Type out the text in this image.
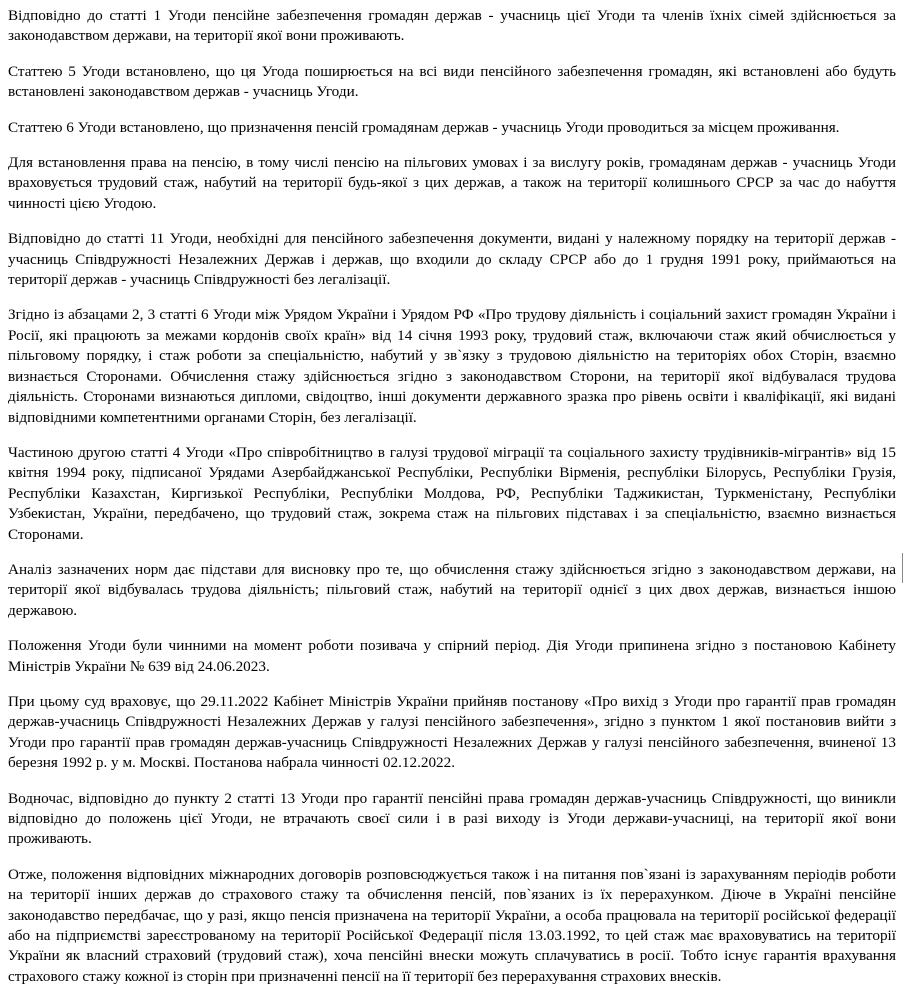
Відповідно до статті 1 Угоди пенсійне забезпечення громадян держав - учасниць цієї Угоди та членів їхніх сімей здійснюється за законодавством держави, на території якої вони проживають.

Статтею 5 Угоди встановлено, що ця Угода поширюється на всі види пенсійного забезпечення громадян, які встановлені або будуть встановлені законодавством держав - учасниць Угоди.

Статтею 6 Угоди встановлено, що призначення пенсій громадянам держав - учасниць Угоди проводиться за місцем проживання.

Для встановлення права на пенсію, в тому числі пенсію на пільгових умовах і за вислугу років, громадянам держав - учасниць Угоди враховується трудовий стаж, набутий на території будь-якої з цих держав, а також на території колишнього СРСР за час до набуття чинності цією Угодою.

Відповідно до статті 11 Угоди, необхідні для пенсійного забезпечення документи, видані у належному порядку на території держав - учасниць Співдружності Незалежних Держав і держав, що входили до складу СРСР або до 1 грудня 1991 року, приймаються на території держав - учасниць Співдружності без легалізації.

Згідно із абзацами 2, 3 статті 6 Угоди між Урядом України і Урядом РФ «Про трудову діяльність і соціальний захист громадян України і Росії, які працюють за межами кордонів своїх країн» від 14 січня 1993 року, трудовий стаж, включаючи стаж який обчислюється у пільговому порядку, і стаж роботи за спеціальністю, набутий у зв`язку з трудовою діяльністю на територіях обох Сторін, взаємно визнається Сторонами. Обчислення стажу здійснюється згідно з законодавством Сторони, на території якої відбувалася трудова діяльність. Сторонами визнаються дипломи, свідоцтво, інші документи державного зразка про рівень освіти і кваліфікації, які видані відповідними компетентними органами Сторін, без легалізації.

Частиною другою статті 4 Угоди «Про співробітництво в галузі трудової міграції та соціального захисту трудівників-мігрантів» від 15 квітня 1994 року, підписаної Урядами Азербайджанської Республіки, Республіки Вірменія, республіки Білорусь, Республіки Грузія, Республіки Казахстан, Киргизької Республіки, Республіки Молдова, РФ, Республіки Таджикистан, Туркменістану, Республіки Узбекистан, України, передбачено, що трудовий стаж, зокрема стаж на пільгових підставах і за спеціальністю, взаємно визнається Сторонами.

Аналіз зазначених норм дає підстави для висновку про те, що обчислення стажу здійснюється згідно з законодавством держави, на території якої відбувалась трудова діяльність; пільговий стаж, набутий на території однієї з цих двох держав, визнається іншою державою.

Положення Угоди були чинними на момент роботи позивача у спірний період. Дія Угоди припинена згідно з постановою Кабінету Міністрів України № 639 від 24.06.2023.

При цьому суд враховує, що 29.11.2022 Кабінет Міністрів України прийняв постанову «Про вихід з Угоди про гарантії прав громадян держав-учасниць Співдружності Незалежних Держав у галузі пенсійного забезпечення», згідно з пунктом 1 якої постановив вийти з Угоди про гарантії прав громадян держав-учасниць Співдружності Незалежних Держав у галузі пенсійного забезпечення, вчиненої 13 березня 1992 р. у м. Москві. Постанова набрала чинності 02.12.2022.

Водночас, відповідно до пункту 2 статті 13 Угоди про гарантії пенсійні права громадян держав-учасниць Співдружності, що виникли відповідно до положень цієї Угоди, не втрачають своєї сили і в разі виходу із Угоди держави-учасниці, на території якої вони проживають.

Отже, положення відповідних міжнародних договорів розповсюджується також і на питання пов`язані із зарахуванням періодів роботи на території інших держав до страхового стажу та обчислення пенсій, пов`язаних із їх перерахунком. Діюче в Україні пенсійне законодавство передбачає, що у разі, якщо пенсія призначена на території України, а особа працювала на території російської федерації або на підприємстві зареєстрованому на території Російської Федерації після 13.03.1992, то цей стаж має враховуватись на території України як власний страховий (трудовий стаж), хоча пенсійні внески можуть сплачуватись в росії. Тобто існує гарантія врахування страхового стажу кожної із сторін при призначенні пенсії на її території без перерахування страхових внесків.
